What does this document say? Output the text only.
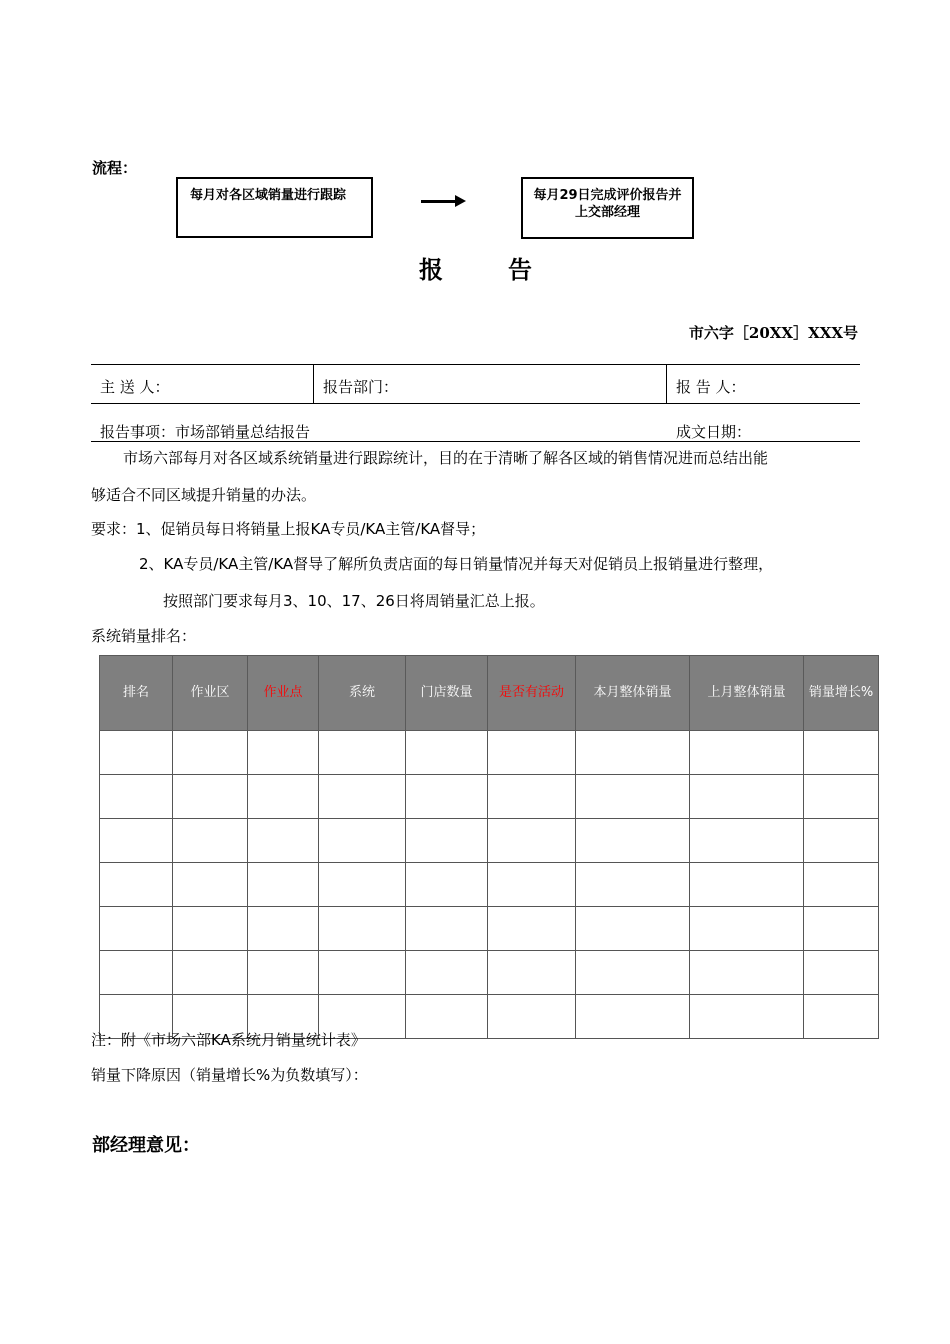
流程：
每月对各区域销量进行跟踪	每月29日完成评价报告并上交部经理
报	告
市六字［20XX］XXX号
主 送 人：	报告部门：	报 告 人：
报告事项：市场部销量总结报告	成文日期：
市场六部每月对各区域系统销量进行跟踪统计，目的在于清晰了解各区域的销售情况进而总结出能
够适合不同区域提升销量的办法。
要求：1、促销员每日将销量上报KA专员/KA主管/KA督导；
2、KA专员/KA主管/KA督导了解所负责店面的每日销量情况并每天对促销员上报销量进行整理，
按照部门要求每月3、10、17、26日将周销量汇总上报。
系统销量排名：
排名	作业区	作业点	系统	门店数量	是否有活动	本月整体销量	上月整体销量	销量增长%

注：附《市场六部KA系统月销量统计表》
销量下降原因（销量增长%为负数填写）：
部经理意见：
